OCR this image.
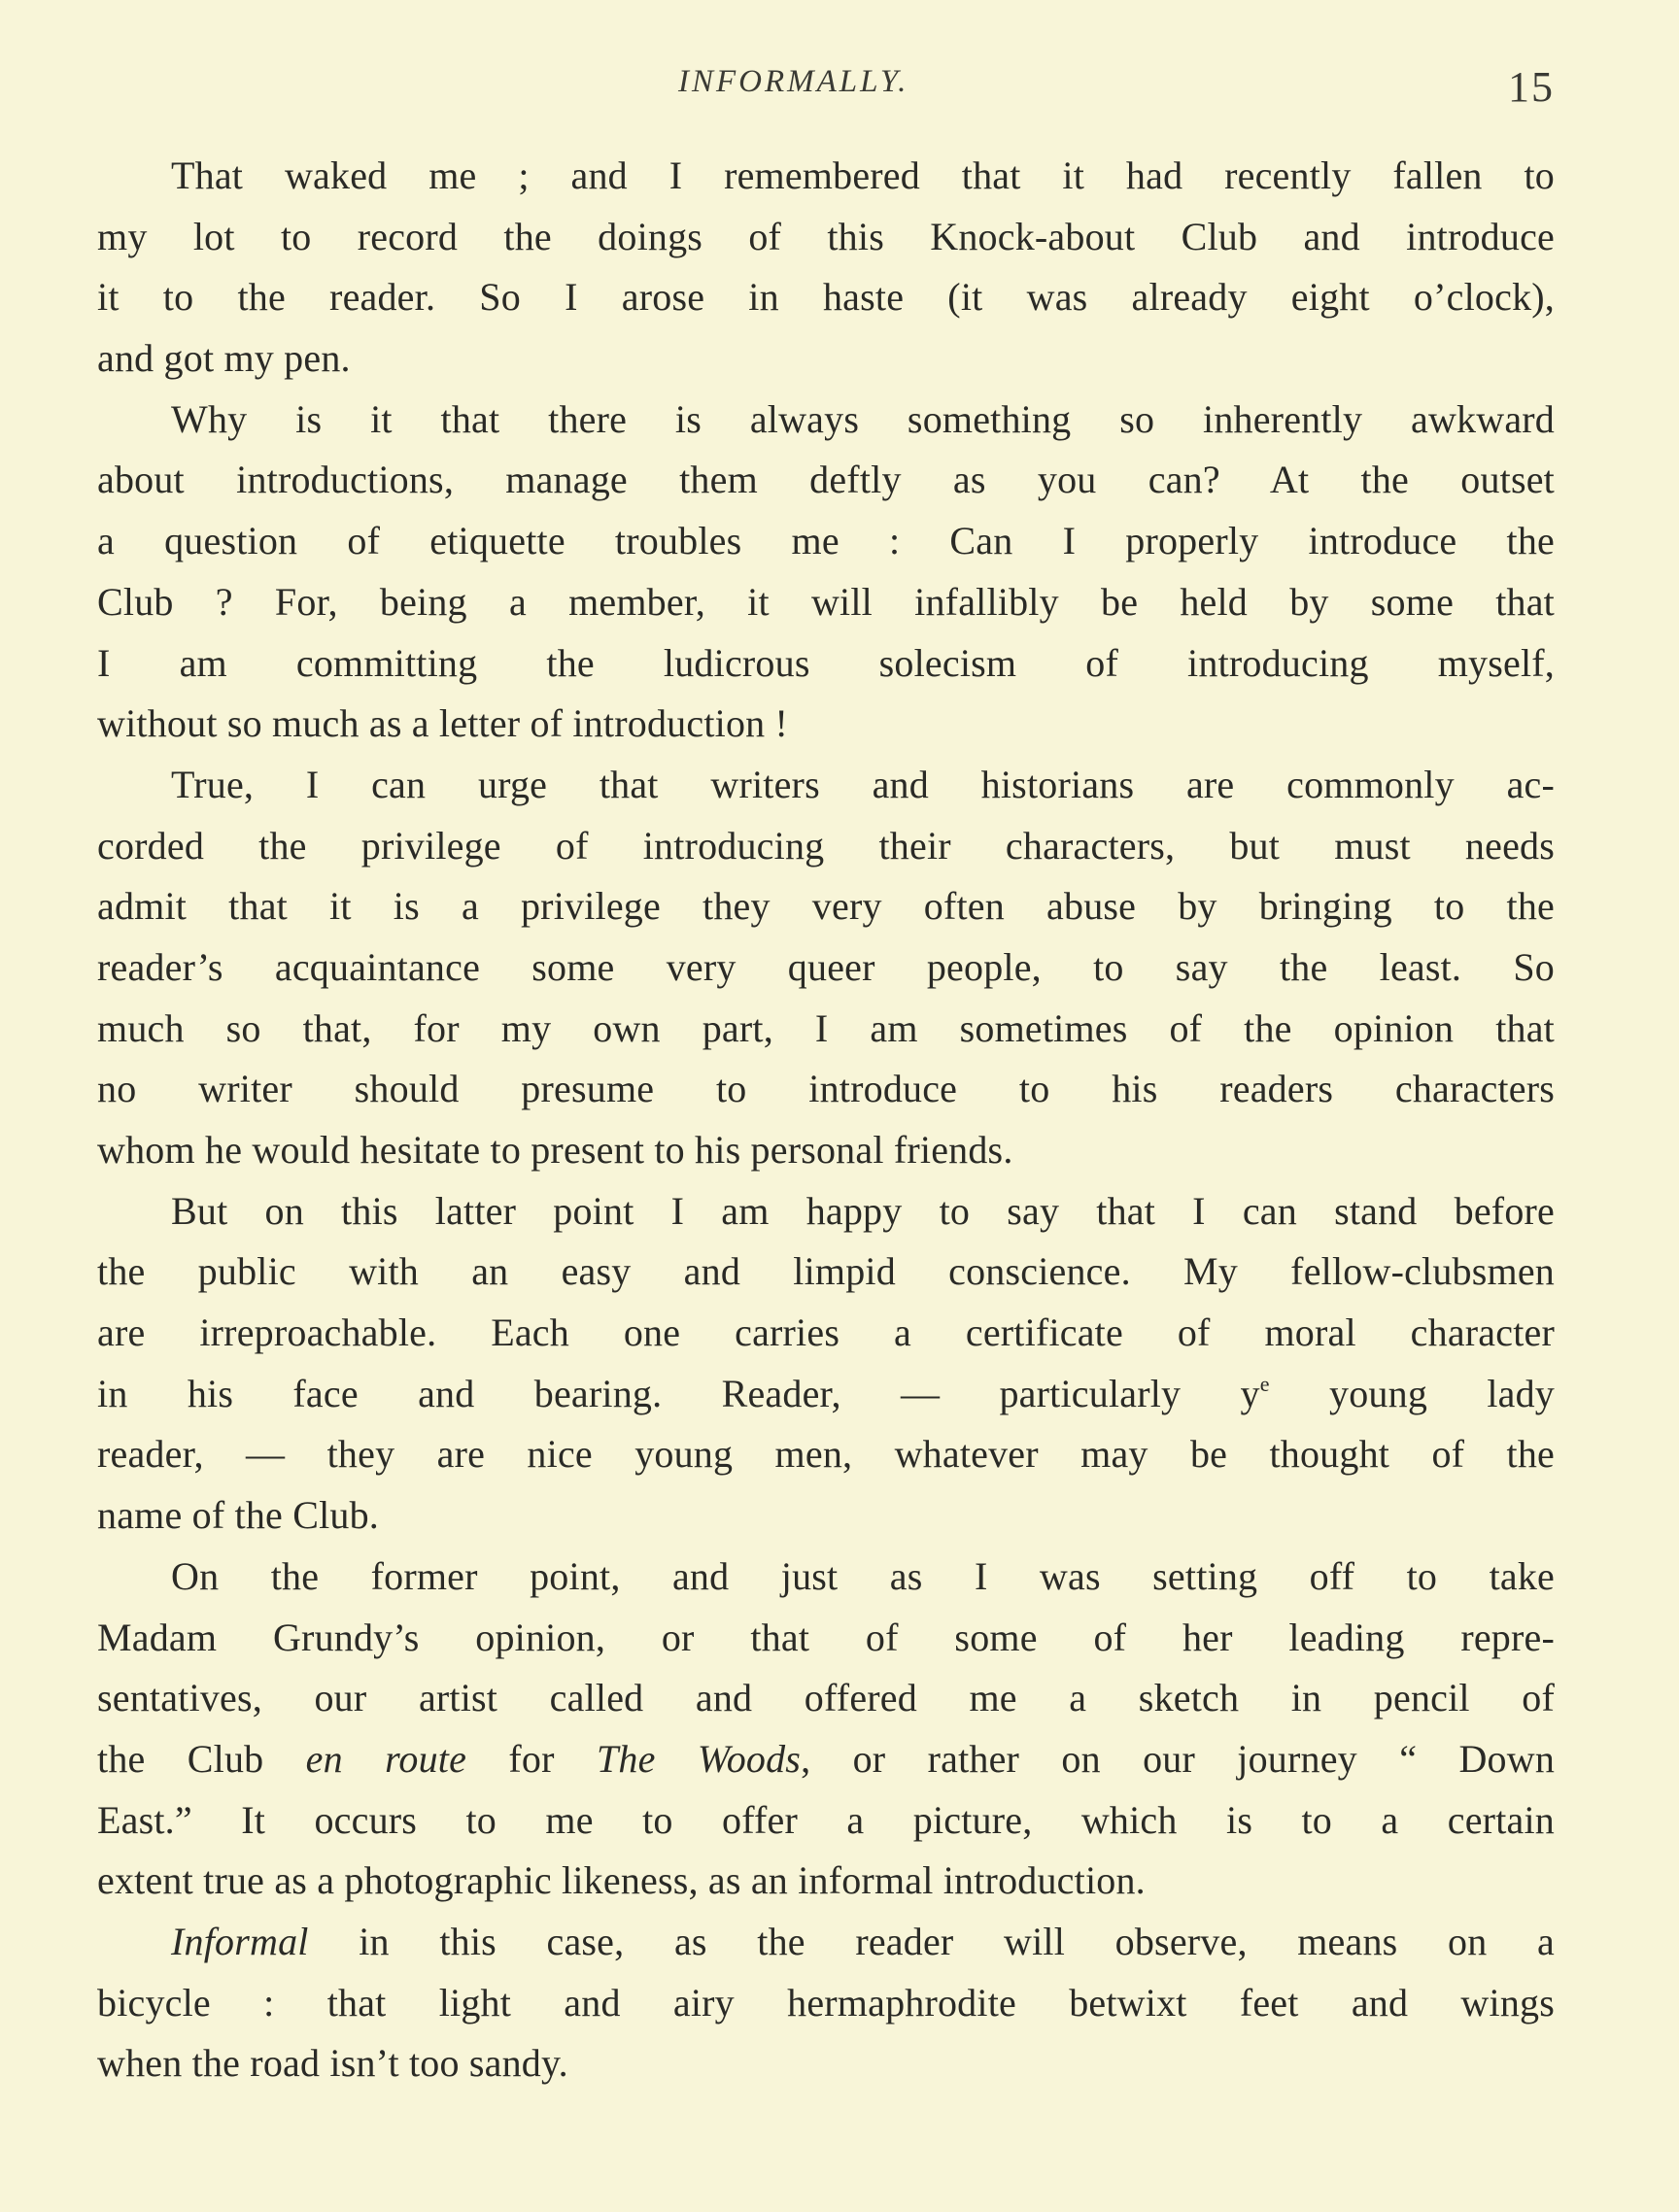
INFORMALLY.	15
That waked me ; and I remembered that it had recently fallen to
my lot to record the doings of this Knock-about Club and introduce
it to the reader. So I arose in haste (it was already eight o’clock),
and got my pen.
Why is it that there is always something so inherently awkward
about introductions, manage them deftly as you can? At the outset
a question of etiquette troubles me : Can I properly introduce the
Club ? For, being a member, it will infallibly be held by some that
I am committing the ludicrous solecism of introducing myself,
without so much as a letter of introduction !
True, I can urge that writers and historians are commonly ac-
corded the privilege of introducing their characters, but must needs
admit that it is a privilege they very often abuse by bringing to the
reader’s acquaintance some very queer people, to say the least. So
much so that, for my own part, I am sometimes of the opinion that
no writer should presume to introduce to his readers characters
whom he would hesitate to present to his personal friends.
But on this latter point I am happy to say that I can stand before
the public with an easy and limpid conscience. My fellow-clubsmen
are irreproachable. Each one carries a certificate of moral character
in his face and bearing. Reader, — particularly $y^e$ young lady
reader, — they are nice young men, whatever may be thought of the
name of the Club.
On the former point, and just as I was setting off to take
Madam Grundy’s opinion, or that of some of her leading repre-
sentatives, our artist called and offered me a sketch in pencil of
the Club en route for The Woods, or rather on our journey “ Down
East.” It occurs to me to offer a picture, which is to a certain
extent true as a photographic likeness, as an informal introduction.
Informal in this case, as the reader will observe, means on a
bicycle : that light and airy hermaphrodite betwixt feet and wings
when the road isn’t too sandy.
